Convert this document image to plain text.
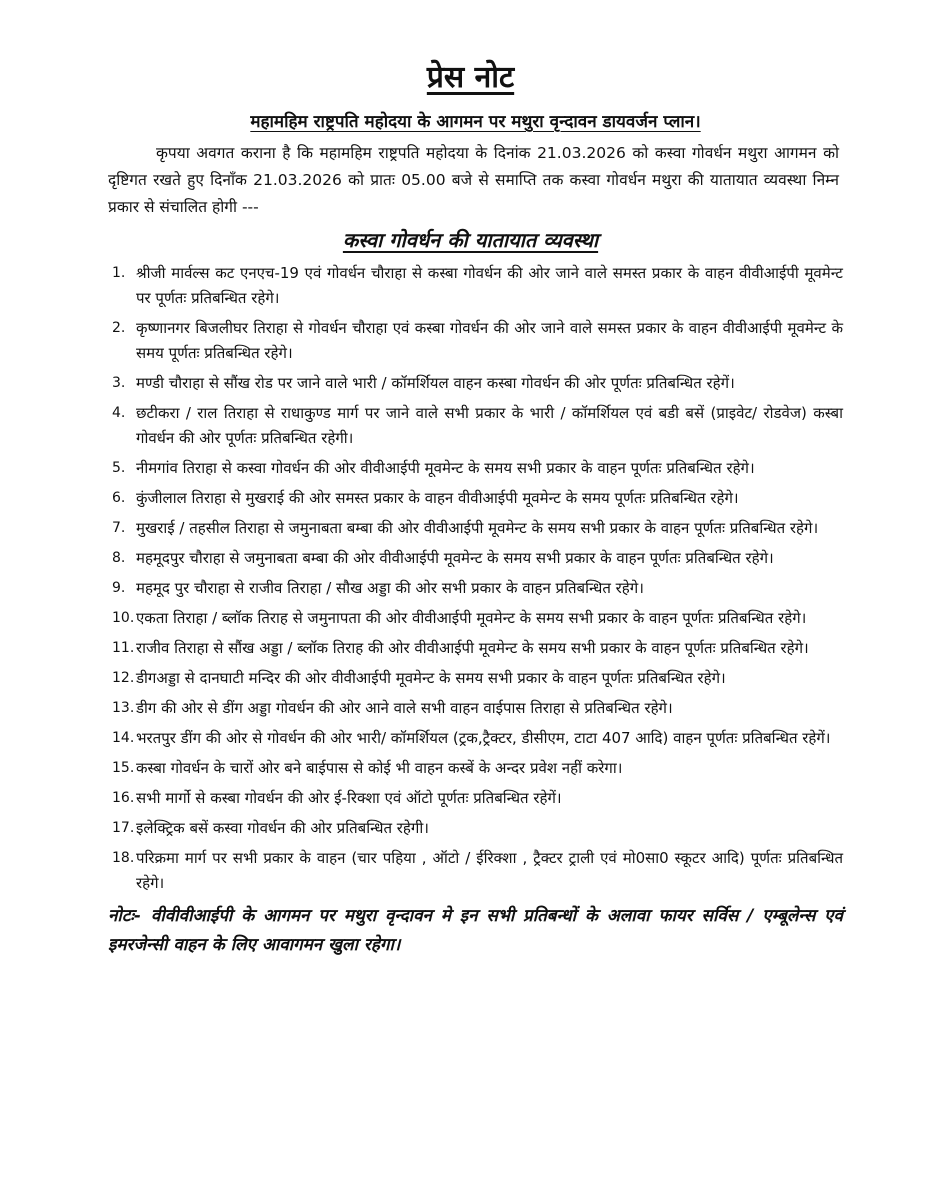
प्रेस नोट
महामहिम राष्ट्रपति महोदया के आगमन पर मथुरा वृन्दावन डायवर्जन प्लान।

कृपया अवगत कराना है कि महामहिम राष्ट्रपति महोदया के दिनांक 21.03.2026 को कस्वा गोवर्धन मथुरा आगमन को दृष्टिगत रखते हुए दिनाँक 21.03.2026 को प्रातः 05.00 बजे से समाप्ति तक कस्वा गोवर्धन मथुरा की यातायात व्यवस्था निम्न प्रकार से संचालित होगी ---

कस्वा गोवर्धन की यातायात व्यवस्था
1. श्रीजी मार्वल्स कट एनएच-19 एवं गोवर्धन चौराहा से कस्बा गोवर्धन की ओर जाने वाले समस्त प्रकार के वाहन वीवीआईपी मूवमेन्ट पर पूर्णतः प्रतिबन्धित रहेगे।
2. कृष्णानगर बिजलीघर तिराहा से गोवर्धन चौराहा एवं कस्बा गोवर्धन की ओर जाने वाले समस्त प्रकार के वाहन वीवीआईपी मूवमेन्ट के समय पूर्णतः प्रतिबन्धित रहेगे।
3. मण्डी चौराहा से सौंख रोड पर जाने वाले भारी / कॉमर्शियल वाहन कस्बा गोवर्धन की ओर पूर्णतः प्रतिबन्धित रहेगें।
4. छटीकरा / राल तिराहा से राधाकुण्ड मार्ग पर जाने वाले सभी प्रकार के भारी / कॉमर्शियल एवं बडी बसें (प्राइवेट/ रोडवेज) कस्बा गोवर्धन की ओर पूर्णतः प्रतिबन्धित रहेगी।
5. नीमगांव तिराहा से कस्वा गोवर्धन की ओर वीवीआईपी मूवमेन्ट के समय सभी प्रकार के वाहन पूर्णतः प्रतिबन्धित रहेगे।
6. कुंजीलाल तिराहा से मुखराई की ओर समस्त प्रकार के वाहन वीवीआईपी मूवमेन्ट के समय पूर्णतः प्रतिबन्धित रहेगे।
7. मुखराई / तहसील तिराहा से जमुनाबता बम्बा की ओर वीवीआईपी मूवमेन्ट के समय सभी प्रकार के वाहन पूर्णतः प्रतिबन्धित रहेगे।
8. महमूदपुर चौराहा से जमुनाबता बम्बा की ओर वीवीआईपी मूवमेन्ट के समय सभी प्रकार के वाहन पूर्णतः प्रतिबन्धित रहेगे।
9. महमूद पुर चौराहा से राजीव तिराहा / सौख अड्डा की ओर सभी प्रकार के वाहन प्रतिबन्धित रहेगे।
10. एकता तिराहा / ब्लॉक तिराह से जमुनापता की ओर वीवीआईपी मूवमेन्ट के समय सभी प्रकार के वाहन पूर्णतः प्रतिबन्धित रहेगे।
11. राजीव तिराहा से सौंख अड्डा / ब्लॉक तिराह की ओर वीवीआईपी मूवमेन्ट के समय सभी प्रकार के वाहन पूर्णतः प्रतिबन्धित रहेगे।
12. डीगअड्डा से दानघाटी मन्दिर की ओर वीवीआईपी मूवमेन्ट के समय सभी प्रकार के वाहन पूर्णतः प्रतिबन्धित रहेगे।
13. डीग की ओर से डींग अड्डा गोवर्धन की ओर आने वाले सभी वाहन वाईपास तिराहा से प्रतिबन्धित रहेगे।
14. भरतपुर डींग की ओर से गोवर्धन की ओर भारी/ कॉमर्शियल (ट्रक,ट्रैक्टर, डीसीएम, टाटा 407 आदि) वाहन पूर्णतः प्रतिबन्धित रहेगें।
15. कस्बा गोवर्धन के चारों ओर बने बाईपास से कोई भी वाहन कस्बें के अन्दर प्रवेश नहीं करेगा।
16. सभी मार्गो से कस्बा गोवर्धन की ओर ई-रिक्शा एवं ऑटो पूर्णतः प्रतिबन्धित रहेगें।
17. इलेक्ट्रिक बसें कस्वा गोवर्धन की ओर प्रतिबन्धित रहेगी।
18. परिक्रमा मार्ग पर सभी प्रकार के वाहन (चार पहिया , ऑटो / ईरिक्शा , ट्रैक्टर ट्राली एवं मो0सा0 स्कूटर आदि) पूर्णतः प्रतिबन्धित रहेगे।
नोटः- वीवीवीआईपी के आगमन पर मथुरा वृन्दावन मे इन सभी प्रतिबन्धों के अलावा फायर सर्विस / एम्बूलेन्स एवं इमरजेन्सी वाहन के लिए आवागमन खुला रहेगा।
